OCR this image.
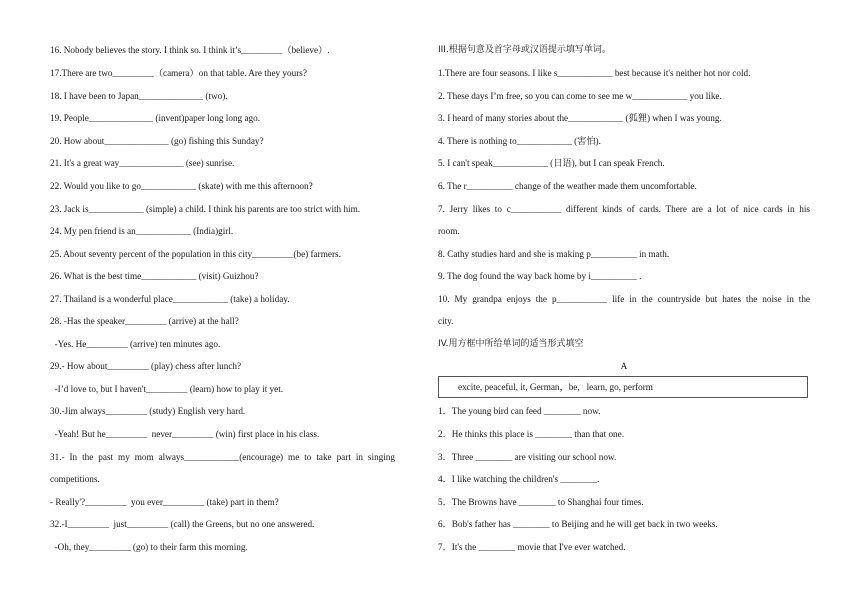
16. Nobody believes the story. I think so. I think it’s_________（believe）.
17.There are two_________（camera）on that table. Are they yours?
18. I have been to Japan______________ (two).
19. People______________ (invent)paper long long ago.
20. How about______________ (go) fishing this Sunday?
21. It's a great way______________ (see) sunrise.
22. Would you like to go____________ (skate) with me this afternoon?
23. Jack is____________ (simple) a child. I think his parents are too strict with him.
24. My pen friend is an____________ (India)girl.
25. About seventy percent of the population in this city_________(be) farmers.
26. What is the best time____________ (visit) Guizhou?
27. Thailand is a wonderful place____________ (take) a holiday.
28. -Has the speaker_________ (arrive) at the hall?
-Yes. He_________ (arrive) ten minutes ago.
29.- How about_________ (play) chess after lunch?
-I’d love to, but I haven't_________ (learn) how to play it yet.
30.-Jim always_________ (study) English very hard.
-Yeah! But he_________  never_________ (win) first place in his class.
31.- In the past my mom always____________(encourage) me to take part in singing
competitions.
- Really'?_________  you ever_________ (take) part in them?
32.-I_________  just_________ (call) the Greens, but no one answered.
-Oh, they_________ (go) to their farm this morning.
III.根据句意及首字母或汉语提示填写单词。
1.There are four seasons. I like s____________ best because it's neither hot nor cold.
2. These days I’m free, so you can come to see me w____________ you like.
3. I heard of many stories about the____________ (狐狸) when I was young.
4. There is nothing to____________ (害怕).
5. I can't speak____________ (日语), but I can speak French.
6. The r__________ change of the weather made them uncomfortable.
7. Jerry likes to c___________ different kinds of cards. There are a lot of nice cards in his
room.
8. Cathy studies hard and she is making p__________ in math.
9. The dog found the way back home by i__________ .
10. My grandpa enjoys the p___________ life in the countryside but hates the noise in the
city.
IV.用方框中所给单词的适当形式填空
A
excite, peaceful, it, German，be,   learn, go, perform
1．The young bird can feed ________ now.
2．He thinks this place is ________ than that one.
3．Three ________ are visiting our school now.
4．I like watching the children's ________.
5．The Browns have ________ to Shanghai four times.
6．Bob's father has ________ to Beijing and he will get back in two weeks.
7．It's the ________ movie that I've ever watched.
